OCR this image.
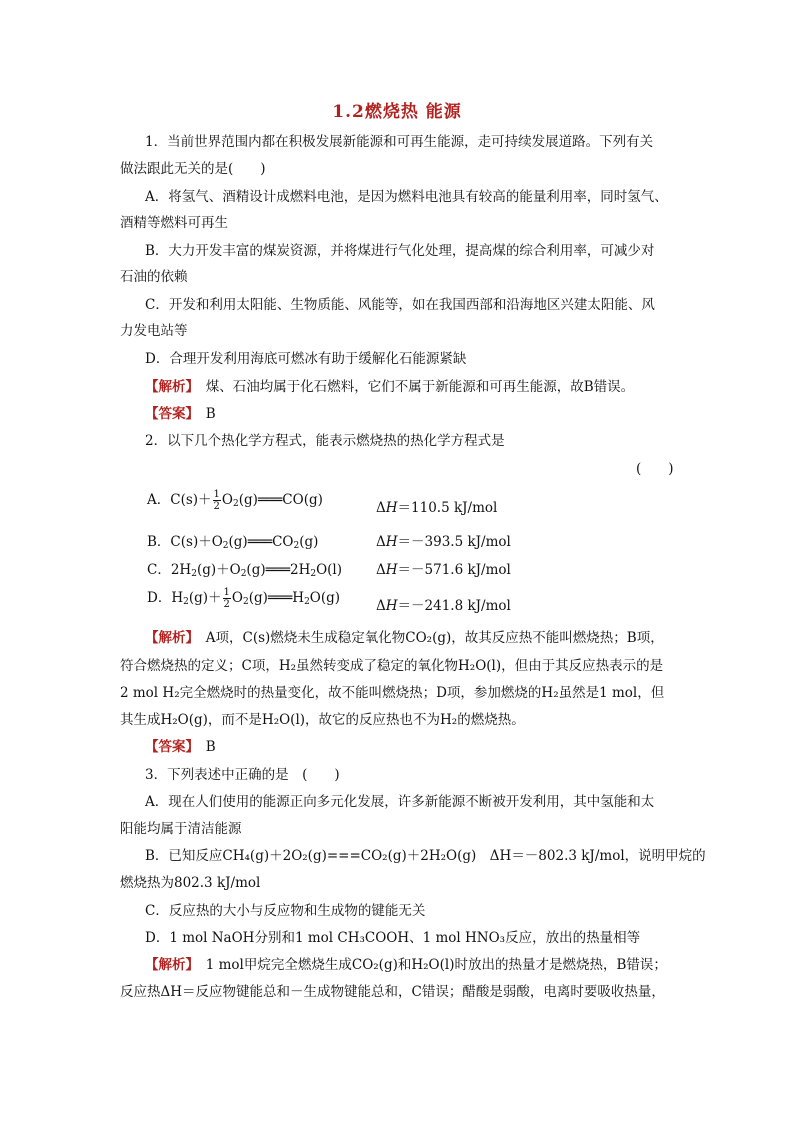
1.2燃烧热 能源
1．当前世界范围内都在积极发展新能源和可再生能源，走可持续发展道路。下列有关
做法跟此无关的是(　　)
A．将氢气、酒精设计成燃料电池，是因为燃料电池具有较高的能量利用率，同时氢气、
酒精等燃料可再生
B．大力开发丰富的煤炭资源，并将煤进行气化处理，提高煤的综合利用率，可减少对
石油的依赖
C．开发和利用太阳能、生物质能、风能等，如在我国西部和沿海地区兴建太阳能、风
力发电站等
D．合理开发利用海底可燃冰有助于缓解化石能源紧缺
【解析】　煤、石油均属于化石燃料，它们不属于新能源和可再生能源，故B错误。
【答案】　B
2．以下几个热化学方程式，能表示燃烧热的热化学方程式是
(　　)
A．$C(s)+ \frac{1}{2}$ $O_2(g)═══CO(g)$	ΔH＝110.5 kJ/mol
B．$C(s)+O_2(g)═══CO_2(g)$	ΔH＝－393.5 kJ/mol
C．$2H_2(g)+O_2(g)═══2H_2O(l)$	ΔH＝－571.6 kJ/mol
D．$H_2(g)+ \frac{1}{2}$ $O_2(g)═══H_2O(g)$	ΔH＝－241.8 kJ/mol
【解析】　A项，C(s)燃烧未生成稳定氧化物CO₂(g)，故其反应热不能叫燃烧热；B项，
符合燃烧热的定义；C项，H₂虽然转变成了稳定的氧化物H₂O(l)，但由于其反应热表示的是
2 mol H₂完全燃烧时的热量变化，故不能叫燃烧热；D项，参加燃烧的H₂虽然是1 mol，但
其生成H₂O(g)，而不是H₂O(l)，故它的反应热也不为H₂的燃烧热。
【答案】　B
3．下列表述中正确的是　(　　)
A．现在人们使用的能源正向多元化发展，许多新能源不断被开发利用，其中氢能和太
阳能均属于清洁能源
B．已知反应CH₄(g)＋2O₂(g)===CO₂(g)＋2H₂O(g)　ΔH＝－802.3 kJ/mol，说明甲烷的
燃烧热为802.3 kJ/mol
C．反应热的大小与反应物和生成物的键能无关
D．1 mol NaOH分别和1 mol CH₃COOH、1 mol HNO₃反应，放出的热量相等
【解析】　1 mol甲烷完全燃烧生成CO₂(g)和H₂O(l)时放出的热量才是燃烧热，B错误；
反应热ΔH＝反应物键能总和－生成物键能总和，C错误；醋酸是弱酸，电离时要吸收热量，
